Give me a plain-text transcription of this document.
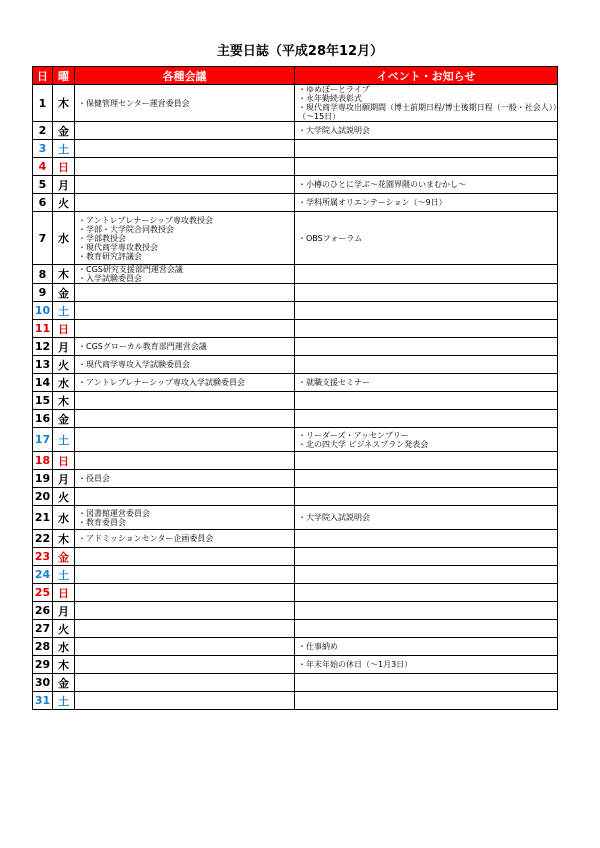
主要日誌（平成28年12月）
日	曜	各種会議	イベント・お知らせ
1	木	・保健管理センター運営委員会	・ゆめぼーとライブ
・永年勤続表彰式
・現代商学専攻出願期間（博士前期日程/博士後期日程（一般・社会人））（～15日）

2	金		・大学院入試説明会

3	土		
4	日		
5	月		・小樽のひとに学ぶ～花園界隈のいまむかし～

6	火		・学科所属オリエンテーション（～9日）

7	水	・アントレプレナーシップ専攻教授会
・学部・大学院合同教授会
・学部教授会
・現代商学専攻教授会
・教育研究評議会	・OBSフォーラム

8	木	・CGS研究支援部門運営会議
・入学試験委員会	

9	金		
10	土		
11	日		
12	月	・CGSグローカル教育部門運営会議	

13	火	・現代商学専攻入学試験委員会	

14	水	・アントレプレナーシップ専攻入学試験委員会	・就職支援セミナー

15	木		
16	金		
17	土		・リーダーズ・アッセンブリー
・北の四大学 ビジネスプラン発表会

18	日		
19	月	・役員会	

20	火		
21	水	・図書館運営委員会
・教育委員会	・大学院入試説明会

22	木	・アドミッションセンター企画委員会	

23	金		
24	土		
25	日		
26	月		
27	火		
28	水		・仕事納め

29	木		・年末年始の休日（～1月3日）

30	金		
31	土		
